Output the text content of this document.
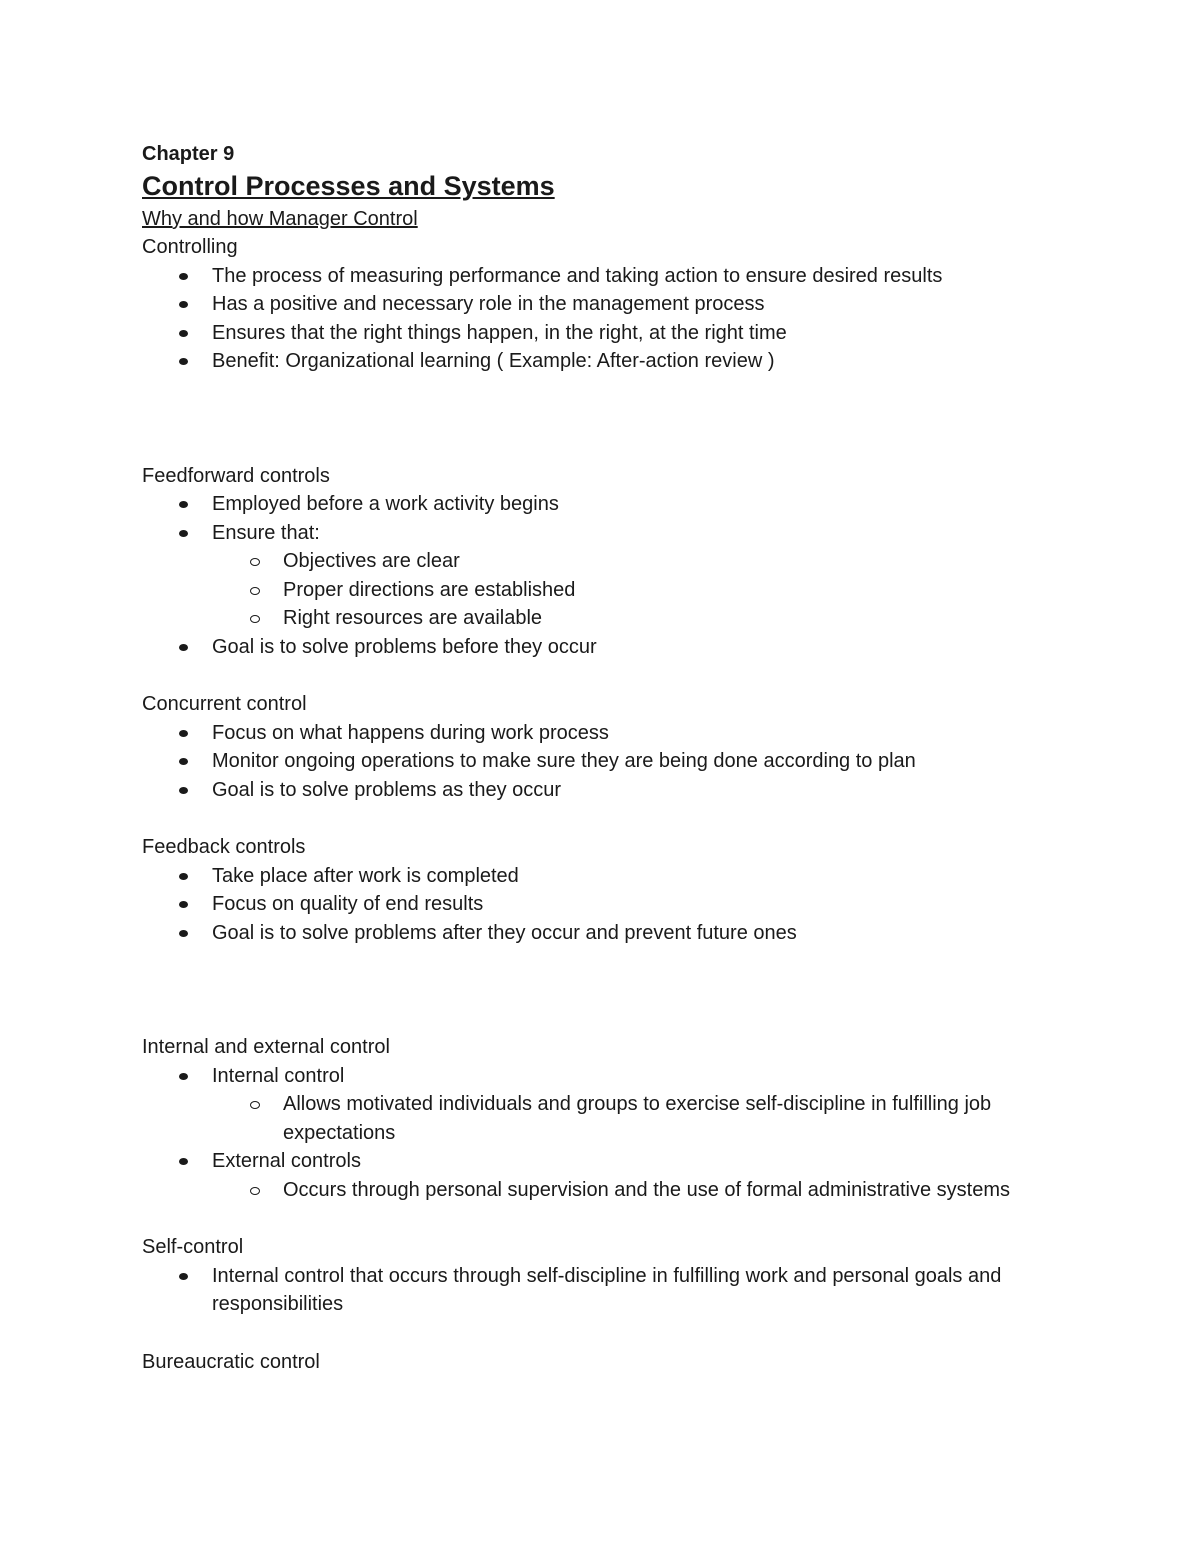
Chapter 9

Control Processes and Systems

Why and how Manager Control

Controlling

The process of measuring performance and taking action to ensure desired results
Has a positive and necessary role in the management process
Ensures that the right things happen, in the right, at the right time
Benefit: Organizational learning ( Example: After-action review )

Feedforward controls

Employed before a work activity begins
Ensure that:
Objectives are clear
Proper directions are established
Right resources are available
Goal is to solve problems before they occur

Concurrent control

Focus on what happens during work process
Monitor ongoing operations to make sure they are being done according to plan
Goal is to solve problems as they occur

Feedback controls

Take place after work is completed
Focus on quality of end results
Goal is to solve problems after they occur and prevent future ones

Internal and external control

Internal control
Allows motivated individuals and groups to exercise self-discipline in fulfilling job expectations
External controls
Occurs through personal supervision and the use of formal administrative systems

Self-control

Internal control that occurs through self-discipline in fulfilling work and personal goals and responsibilities

Bureaucratic control
